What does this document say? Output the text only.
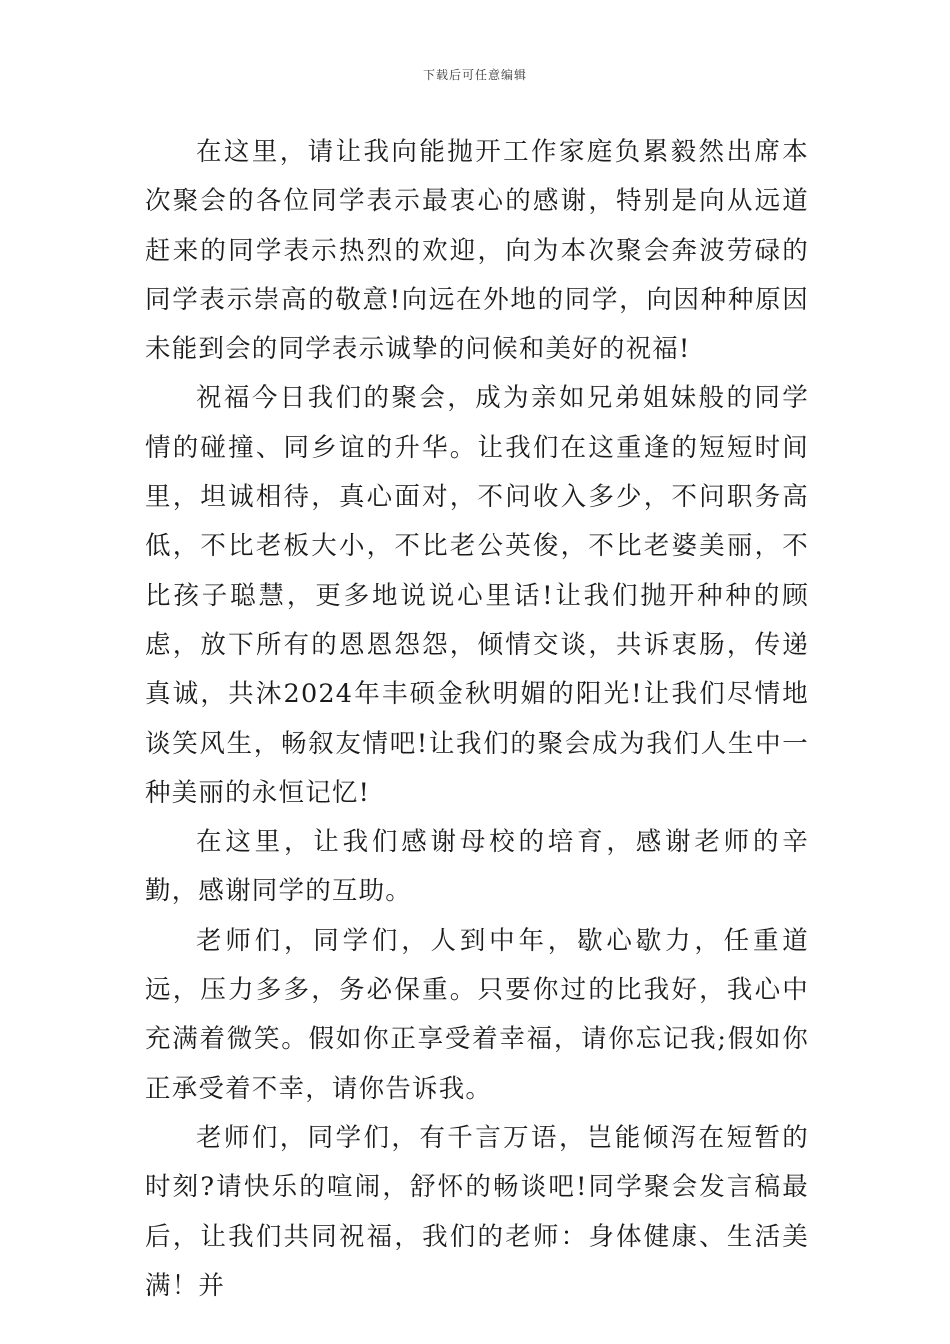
下载后可任意编辑

在这里，请让我向能抛开工作家庭负累毅然出席本次聚会的各位同学表示最衷心的感谢，特别是向从远道赶来的同学表示热烈的欢迎，向为本次聚会奔波劳碌的同学表示崇高的敬意!向远在外地的同学，向因种种原因未能到会的同学表示诚挚的问候和美好的祝福!

祝福今日我们的聚会，成为亲如兄弟姐妹般的同学情的碰撞、同乡谊的升华。让我们在这重逢的短短时间里，坦诚相待，真心面对，不问收入多少，不问职务高低，不比老板大小，不比老公英俊，不比老婆美丽，不比孩子聪慧，更多地说说心里话!让我们抛开种种的顾虑，放下所有的恩恩怨怨，倾情交谈，共诉衷肠，传递真诚，共沐2024年丰硕金秋明媚的阳光!让我们尽情地谈笑风生，畅叙友情吧!让我们的聚会成为我们人生中一种美丽的永恒记忆!

在这里，让我们感谢母校的培育，感谢老师的辛勤，感谢同学的互助。

老师们，同学们，人到中年，歇心歇力，任重道远，压力多多，务必保重。只要你过的比我好，我心中充满着微笑。假如你正享受着幸福，请你忘记我;假如你正承受着不幸，请你告诉我。

老师们，同学们，有千言万语，岂能倾泻在短暂的时刻?请快乐的喧闹，舒怀的畅谈吧!同学聚会发言稿最后，让我们共同祝福，我们的老师：身体健康、生活美满！并
